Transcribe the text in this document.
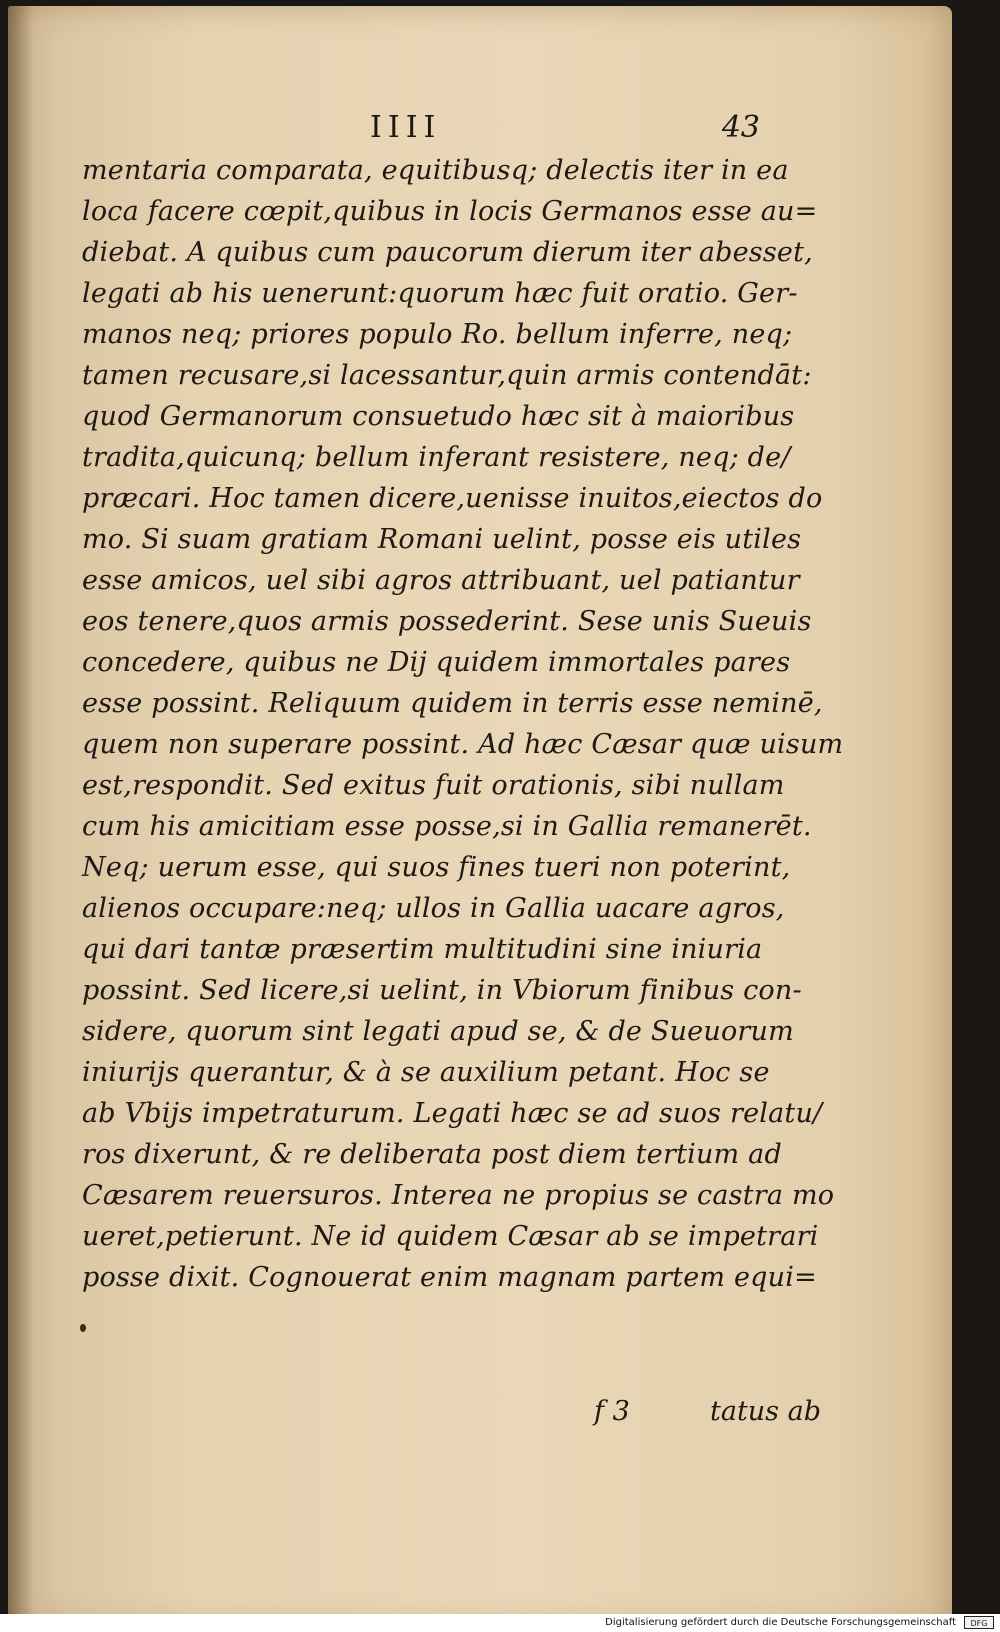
IIII	43
mentaria comparata, equitibusq; delectis iter in ea
loca facere cœpit,quibus in locis Germanos esse au=
diebat. A quibus cum paucorum dierum iter abesset,
legati ab his uenerunt:quorum hæc fuit oratio. Ger-
manos neq; priores populo Ro. bellum inferre, neq;
tamen recusare,si lacessantur,quin armis contendāt:
quod Germanorum consuetudo hæc sit à maioribus
tradita,quicunq; bellum inferant resistere, neq; de/
præcari. Hoc tamen dicere,uenisse inuitos,eiectos do
mo. Si suam gratiam Romani uelint, posse eis utiles
esse amicos, uel sibi agros attribuant, uel patiantur
eos tenere,quos armis possederint. Sese unis Sueuis
concedere, quibus ne Dij quidem immortales pares
esse possint. Reliquum quidem in terris esse neminē,
quem non superare possint. Ad hæc Cæsar quæ uisum
est,respondit. Sed exitus fuit orationis, sibi nullam
cum his amicitiam esse posse,si in Gallia remanerēt.
Neq; uerum esse, qui suos fines tueri non poterint,
alienos occupare:neq; ullos in Gallia uacare agros,
qui dari tantæ præsertim multitudini sine iniuria
possint. Sed licere,si uelint, in Vbiorum finibus con-
sidere, quorum sint legati apud se, & de Sueuorum
iniurijs querantur, & à se auxilium petant. Hoc se
ab Vbijs impetraturum. Legati hæc se ad suos relatu/
ros dixerunt, & re deliberata post diem tertium ad
Cæsarem reuersuros. Interea ne propius se castra mo
ueret,petierunt. Ne id quidem Cæsar ab se impetrari
posse dixit. Cognouerat enim magnam partem equi=
f 3	tatus ab
Digitalisierung gefördert durch die Deutsche Forschungsgemeinschaft	DFG
